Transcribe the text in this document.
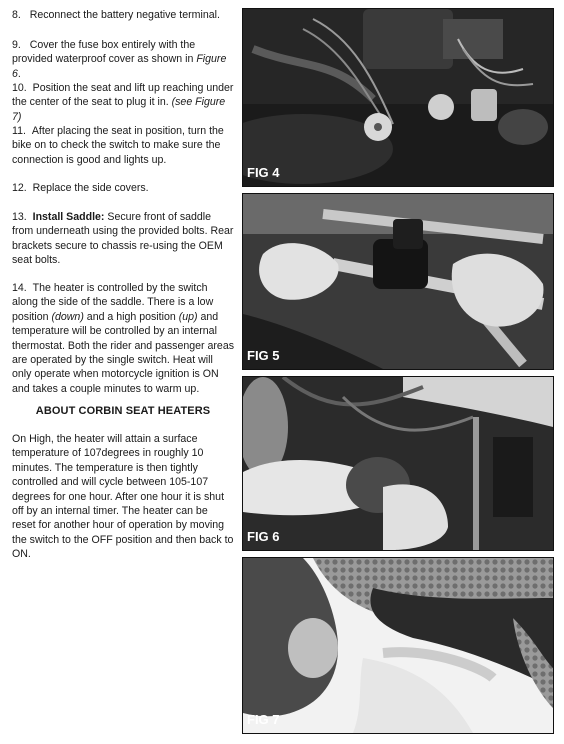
8. Reconnect the battery negative terminal.

9. Cover the fuse box entirely with the provided waterproof cover as shown in Figure 6.

10. Position the seat and lift up reaching under the center of the seat to plug it in. (see Figure 7)

11. After placing the seat in position, turn the bike on to check the switch to make sure the connection is good and lights up.

12. Replace the side covers.

13. Install Saddle: Secure front of saddle from underneath using the provided bolts. Rear brackets secure to chassis re-using the OEM seat bolts.

14. The heater is controlled by the switch along the side of the saddle. There is a low position (down) and a high position (up) and temperature will be controlled by an internal thermostat. Both the rider and passenger areas are operated by the single switch. Heat will only operate when motorcycle ignition is ON and takes a couple minutes to warm up.

ABOUT CORBIN SEAT HEATERS

On High, the heater will attain a surface temperature of 107degrees in roughly 10 minutes. The temperature is then tightly controlled and will cycle between 105-107 degrees for one hour. After one hour it is shut off by an internal timer. The heater can be reset for another hour of operation by moving the switch to the OFF position and then back to ON.

FIG 4
FIG 5
FIG 6
FIG 7
